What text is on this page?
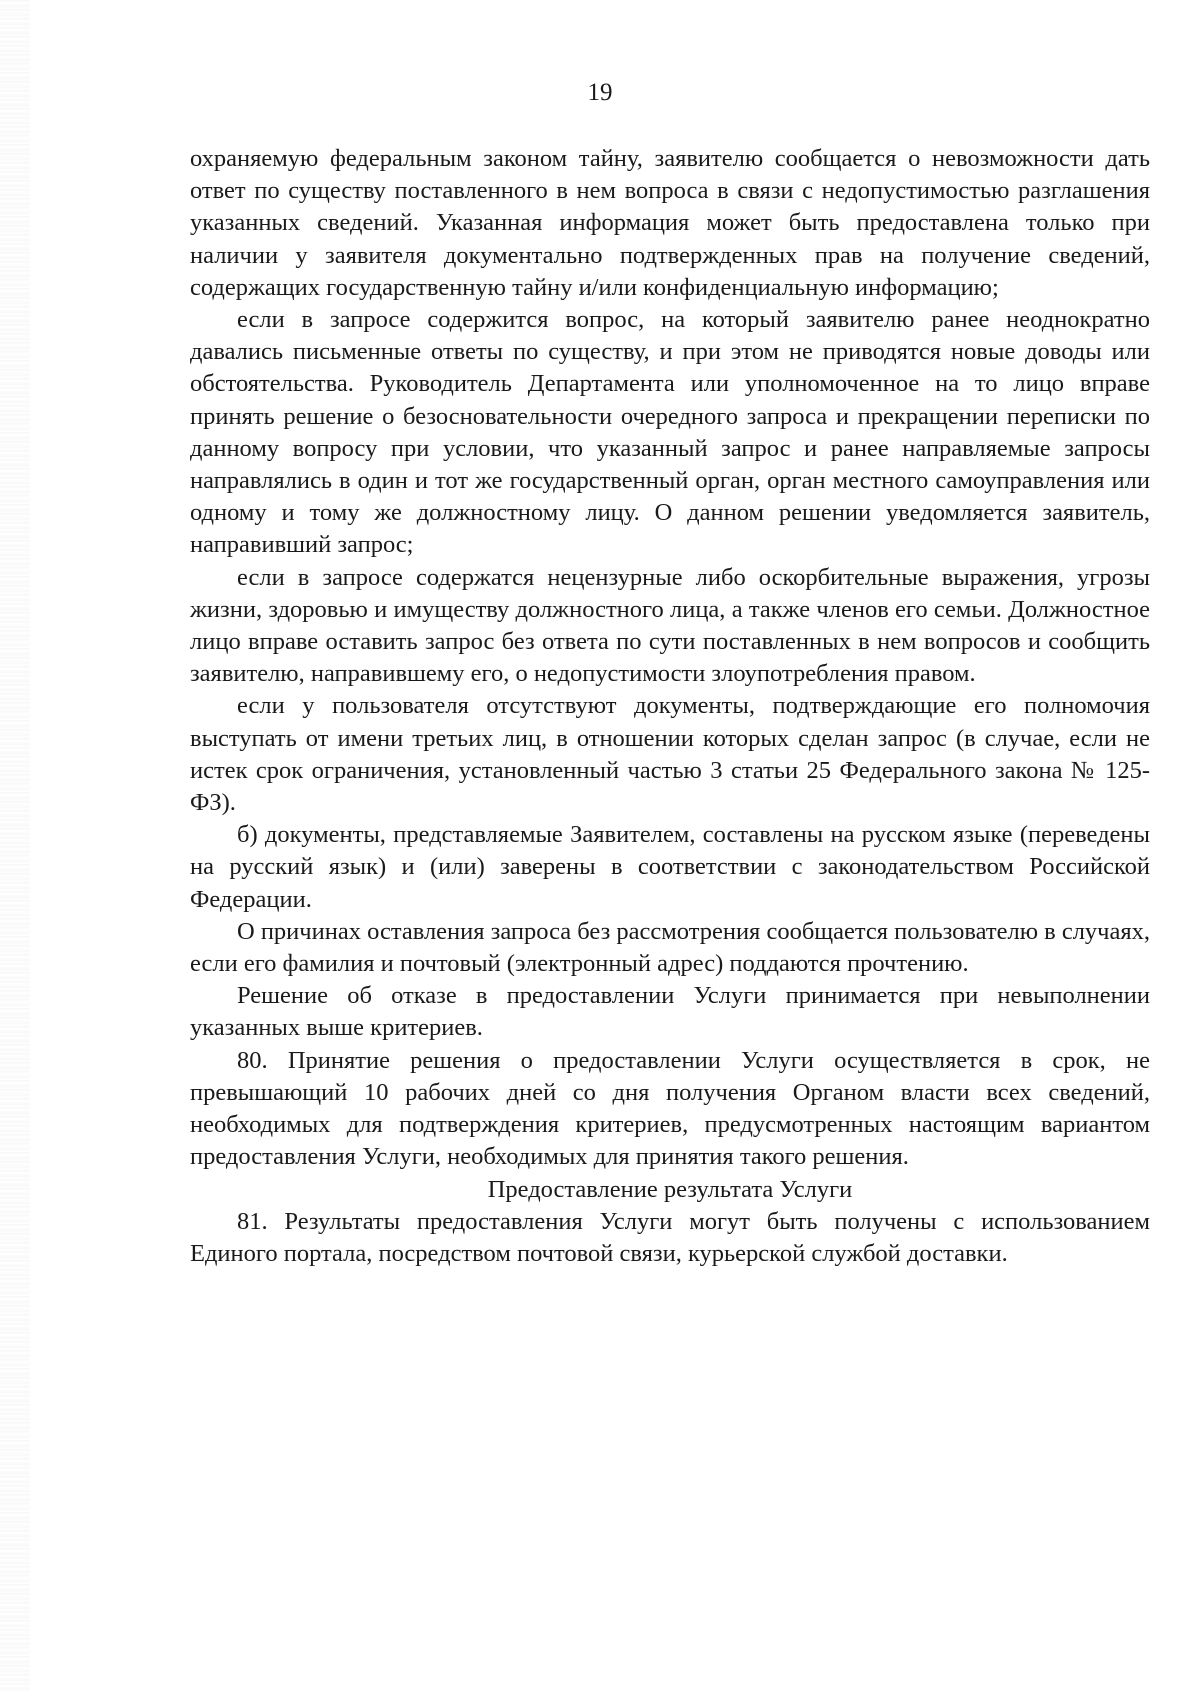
19

охраняемую федеральным законом тайну, заявителю сообщается о невозможности дать ответ по существу поставленного в нем вопроса в связи с недопустимостью разглашения указанных сведений. Указанная информация может быть предоставлена только при наличии у заявителя документально подтвержденных прав на получение сведений, содержащих государственную тайну и/или конфиденциальную информацию;

если в запросе содержится вопрос, на который заявителю ранее неоднократно давались письменные ответы по существу, и при этом не приводятся новые доводы или обстоятельства. Руководитель Департамента или уполномоченное на то лицо вправе принять решение о безосновательности очередного запроса и прекращении переписки по данному вопросу при условии, что указанный запрос и ранее направляемые запросы направлялись в один и тот же государственный орган, орган местного самоуправления или одному и тому же должностному лицу. О данном решении уведомляется заявитель, направивший запрос;

если в запросе содержатся нецензурные либо оскорбительные выражения, угрозы жизни, здоровью и имуществу должностного лица, а также членов его семьи. Должностное лицо вправе оставить запрос без ответа по сути поставленных в нем вопросов и сообщить заявителю, направившему его, о недопустимости злоупотребления правом.

если у пользователя отсутствуют документы, подтверждающие его полномочия выступать от имени третьих лиц, в отношении которых сделан запрос (в случае, если не истек срок ограничения, установленный частью 3 статьи 25 Федерального закона № 125-ФЗ).

б) документы, представляемые Заявителем, составлены на русском языке (переведены на русский язык) и (или) заверены в соответствии с законодательством Российской Федерации.

О причинах оставления запроса без рассмотрения сообщается пользователю в случаях, если его фамилия и почтовый (электронный адрес) поддаются прочтению.

Решение об отказе в предоставлении Услуги принимается при невыполнении указанных выше критериев.

80. Принятие решения о предоставлении Услуги осуществляется в срок, не превышающий 10 рабочих дней со дня получения Органом власти всех сведений, необходимых для подтверждения критериев, предусмотренных настоящим вариантом предоставления Услуги, необходимых для принятия такого решения.

Предоставление результата Услуги

81. Результаты предоставления Услуги могут быть получены с использованием Единого портала, посредством почтовой связи, курьерской службой доставки.
